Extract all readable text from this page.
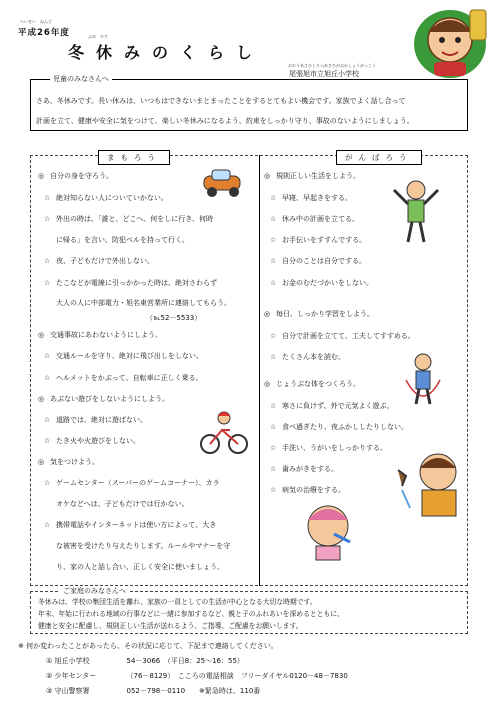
へいせい　ねんど
平成26年度	ふゆ　やす
冬休みのくらし
おわりあさひしりつあさひがおかしょうがっこう
尾張旭市立旭丘小学校
児童のみなさんへ
さあ、冬休みです。長い休みは、いつもはできないまとまったことをするとてもよい機会です。家族でよく話し合って
計画を立て、健康や安全に気をつけて、楽しい冬休みになるよう、約束をしっかり守り、事故のないようにしましょう。
まもろう	がんばろう
◎ 自分の身を守ろう。
☆ 絶対知らない人についていかない。
☆ 外出の時は、「誰と、どこへ、何をしに行き、何時
に帰る」を言い、防犯ベルを持って行く。
☆ 夜、子どもだけで外出しない。
☆ たこなどが電線に引っかかった時は、絶対さわらず
大人の人に中部電力・旭名東営業所に連絡してもらう。
（℡52－5533）
◎ 交通事故にあわないようにしよう。
☆ 交通ルールを守り、絶対に飛び出しをしない。
☆ ヘルメットをかぶって、自転車に正しく乗る。
◎ あぶない遊びをしないようにしよう。
☆ 道路では、絶対に遊ばない。
☆ たき火や火遊びをしない。
◎ 気をつけよう。
☆ ゲームセンター（スーパーのゲームコーナー）、カラ
オケなどへは、子どもだけでは行かない。
☆ 携帯電話やインターネットは使い方によって、大き
な被害を受けたり与えたりします。ルールやマナーを守
り、家の人と話し合い、正しく安全に使いましょう。
◎ 規則正しい生活をしよう。
☆ 早寝、早起きをする。
☆ 休み中の計画を立てる。
☆ お手伝いをすすんでする。
☆ 自分のことは自分でする。
☆ お金のむだづかいをしない。
◎ 毎日、しっかり学習をしよう。
☆ 自分で計画を立てて、工夫してすすめる。
☆ たくさん本を読む。
◎ じょうぶな体をつくろう。
☆ 寒さに負けず、外で元気よく遊ぶ。
☆ 食べ過ぎたり、夜ふかししたりしない。
☆ 手洗い、うがいをしっかりする。
☆ 歯みがきをする。
☆ 病気の治療をする。
ご家庭のみなさんへ
冬休みは、学校の集団生活を離れ、家族の一員としての生活が中心となる大切な時期です。
年末、年始に行われる地域の行事などに一緒に参加するなど、親と子のふれあいを深めるとともに、
健康と安全に配慮し、規則正しい生活が送れるよう、ご指導、ご配慮をお願いします。
※ 何か変わったことがあったら、その状況に応じて、下記まで連絡してください。
① 旭丘小学校	54－3066　（平日8：25～16：55）
② 少年センター	（76－8129）　こころの電話相談　フリーダイヤル0120－48－7830
③ 守山警察署	052－798－0110　　※緊急時は、110番
